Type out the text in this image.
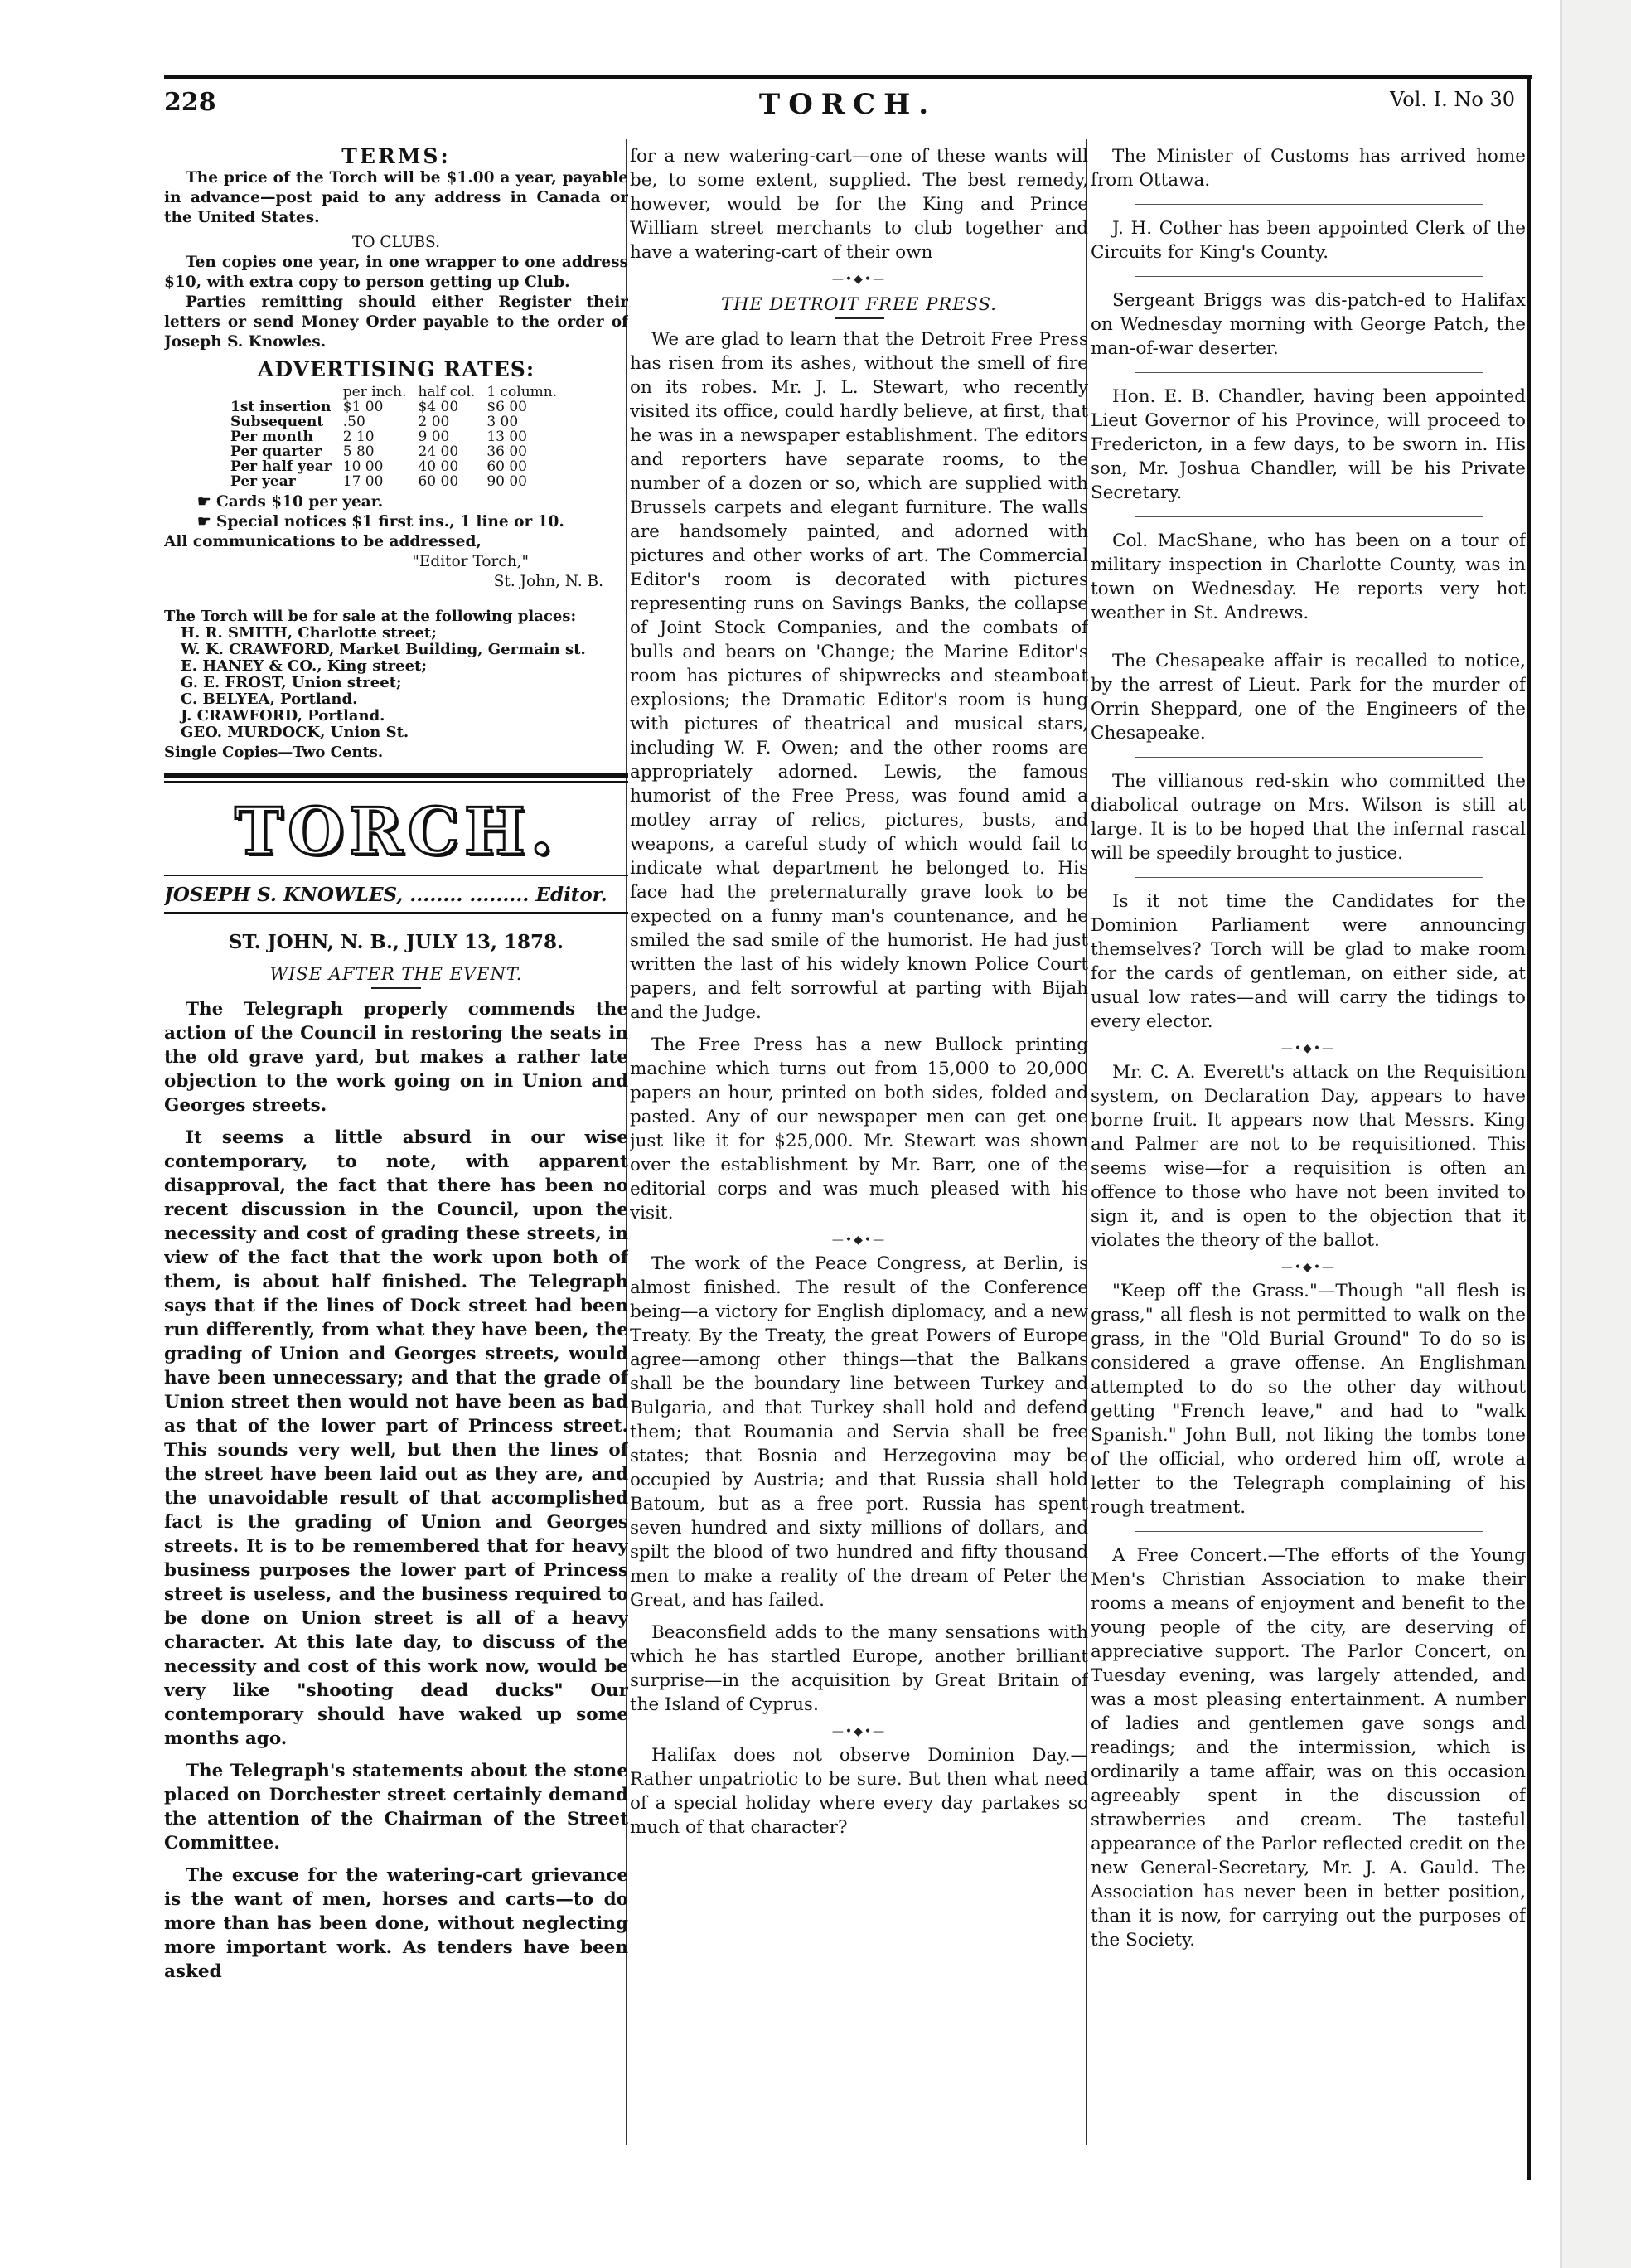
228	TORCH.	Vol. I. No 30
TERMS:

The price of the Torch will be $1.00 a year, payable in advance—post paid to any address in Canada or the United States.

TO CLUBS.

Ten copies one year, in one wrapper to one address $10, with extra copy to person getting up Club.

Parties remitting should either Register their letters or send Money Order payable to the order of Joseph S. Knowles.

ADVERTISING RATES:
	per inch.	half col.	1 column.
1st insertion	$1 00	$4 00	$6 00
Subsequent	.50	2 00	3 00
Per month	2 10	9 00	13 00
Per quarter	5 80	24 00	36 00
Per half year	10 00	40 00	60 00
Per year	17 00	60 00	90 00

☛ Cards $10 per year.

☛ Special notices $1 first ins., 1 line or 10.

All communications to be addressed,

"Editor Torch,"

St. John, N. B.

The Torch will be for sale at the following places:

H. R. SMITH, Charlotte street;

W. K. CRAWFORD, Market Building, Germain st.

E. HANEY & CO., King street;

G. E. FROST, Union street;

C. BELYEA, Portland.

J. CRAWFORD, Portland.

GEO. MURDOCK, Union St.

Single Copies—Two Cents.

TORCH.

JOSEPH S. KNOWLES, ........ ......... Editor.

ST. JOHN, N. B., JULY 13, 1878.

WISE AFTER THE EVENT.

The Telegraph properly commends the action of the Council in restoring the seats in the old grave yard, but makes a rather late objection to the work going on in Union and Georges streets.

It seems a little absurd in our wise contemporary, to note, with apparent disapproval, the fact that there has been no recent discussion in the Council, upon the necessity and cost of grading these streets, in view of the fact that the work upon both of them, is about half finished. The Telegraph says that if the lines of Dock street had been run differently, from what they have been, the grading of Union and Georges streets, would have been unnecessary; and that the grade of Union street then would not have been as bad as that of the lower part of Princess street. This sounds very well, but then the lines of the street have been laid out as they are, and the unavoidable result of that accomplished fact is the grading of Union and Georges streets. It is to be remembered that for heavy business purposes the lower part of Princess street is useless, and the business required to be done on Union street is all of a heavy character. At this late day, to discuss of the necessity and cost of this work now, would be very like "shooting dead ducks" Our contemporary should have waked up some months ago.

The Telegraph's statements about the stone placed on Dorchester street certainly demand the attention of the Chairman of the Street Committee.

The excuse for the watering-cart grievance is the want of men, horses and carts—to do more than has been done, without neglecting more important work. As tenders have been asked

for a new watering-cart—one of these wants will be, to some extent, supplied. The best remedy, however, would be for the King and Prince William street merchants to club together and have a watering-cart of their own

—•◆•—
THE DETROIT FREE PRESS.

We are glad to learn that the Detroit Free Press has risen from its ashes, without the smell of fire on its robes. Mr. J. L. Stewart, who recently visited its office, could hardly believe, at first, that he was in a newspaper establishment. The editors and reporters have separate rooms, to the number of a dozen or so, which are supplied with Brussels carpets and elegant furniture. The walls are handsomely painted, and adorned with pictures and other works of art. The Commercial Editor's room is decorated with pictures representing runs on Savings Banks, the collapse of Joint Stock Companies, and the combats of bulls and bears on 'Change; the Marine Editor's room has pictures of shipwrecks and steamboat explosions; the Dramatic Editor's room is hung with pictures of theatrical and musical stars, including W. F. Owen; and the other rooms are appropriately adorned. Lewis, the famous humorist of the Free Press, was found amid a motley array of relics, pictures, busts, and weapons, a careful study of which would fail to indicate what department he belonged to. His face had the preternaturally grave look to be expected on a funny man's countenance, and he smiled the sad smile of the humorist. He had just written the last of his widely known Police Court papers, and felt sorrowful at parting with Bijah and the Judge.

The Free Press has a new Bullock printing machine which turns out from 15,000 to 20,000 papers an hour, printed on both sides, folded and pasted. Any of our newspaper men can get one just like it for $25,000. Mr. Stewart was shown over the establishment by Mr. Barr, one of the editorial corps and was much pleased with his visit.

—•◆•—

The work of the Peace Congress, at Berlin, is almost finished. The result of the Conference being—a victory for English diplomacy, and a new Treaty. By the Treaty, the great Powers of Europe agree—among other things—that the Balkans shall be the boundary line between Turkey and Bulgaria, and that Turkey shall hold and defend them; that Roumania and Servia shall be free states; that Bosnia and Herzegovina may be occupied by Austria; and that Russia shall hold Batoum, but as a free port. Russia has spent seven hundred and sixty millions of dollars, and spilt the blood of two hundred and fifty thousand men to make a reality of the dream of Peter the Great, and has failed.

Beaconsfield adds to the many sensations with which he has startled Europe, another brilliant surprise—in the acquisition by Great Britain of the Island of Cyprus.

—•◆•—

Halifax does not observe Dominion Day.—Rather unpatriotic to be sure. But then what need of a special holiday where every day partakes so much of that character?

The Minister of Customs has arrived home from Ottawa.

J. H. Cother has been appointed Clerk of the Circuits for King's County.

Sergeant Briggs was dis-patch-ed to Halifax on Wednesday morning with George Patch, the man-of-war deserter.

Hon. E. B. Chandler, having been appointed Lieut Governor of his Province, will proceed to Fredericton, in a few days, to be sworn in. His son, Mr. Joshua Chandler, will be his Private Secretary.

Col. MacShane, who has been on a tour of military inspection in Charlotte County, was in town on Wednesday. He reports very hot weather in St. Andrews.

The Chesapeake affair is recalled to notice, by the arrest of Lieut. Park for the murder of Orrin Sheppard, one of the Engineers of the Chesapeake.

The villianous red-skin who committed the diabolical outrage on Mrs. Wilson is still at large. It is to be hoped that the infernal rascal will be speedily brought to justice.

Is it not time the Candidates for the Dominion Parliament were announcing themselves? Torch will be glad to make room for the cards of gentleman, on either side, at usual low rates—and will carry the tidings to every elector.

—•◆•—

Mr. C. A. Everett's attack on the Requisition system, on Declaration Day, appears to have borne fruit. It appears now that Messrs. King and Palmer are not to be requisitioned. This seems wise—for a requisition is often an offence to those who have not been invited to sign it, and is open to the objection that it violates the theory of the ballot.

—•◆•—

"Keep off the Grass."—Though "all flesh is grass," all flesh is not permitted to walk on the grass, in the "Old Burial Ground" To do so is considered a grave offense. An Englishman attempted to do so the other day without getting "French leave," and had to "walk Spanish." John Bull, not liking the tombs tone of the official, who ordered him off, wrote a letter to the Telegraph complaining of his rough treatment.

A Free Concert.—The efforts of the Young Men's Christian Association to make their rooms a means of enjoyment and benefit to the young people of the city, are deserving of appreciative support. The Parlor Concert, on Tuesday evening, was largely attended, and was a most pleasing entertainment. A number of ladies and gentlemen gave songs and readings; and the intermission, which is ordinarily a tame affair, was on this occasion agreeably spent in the discussion of strawberries and cream. The tasteful appearance of the Parlor reflected credit on the new General-Secretary, Mr. J. A. Gauld. The Association has never been in better position, than it is now, for carrying out the purposes of the Society.
